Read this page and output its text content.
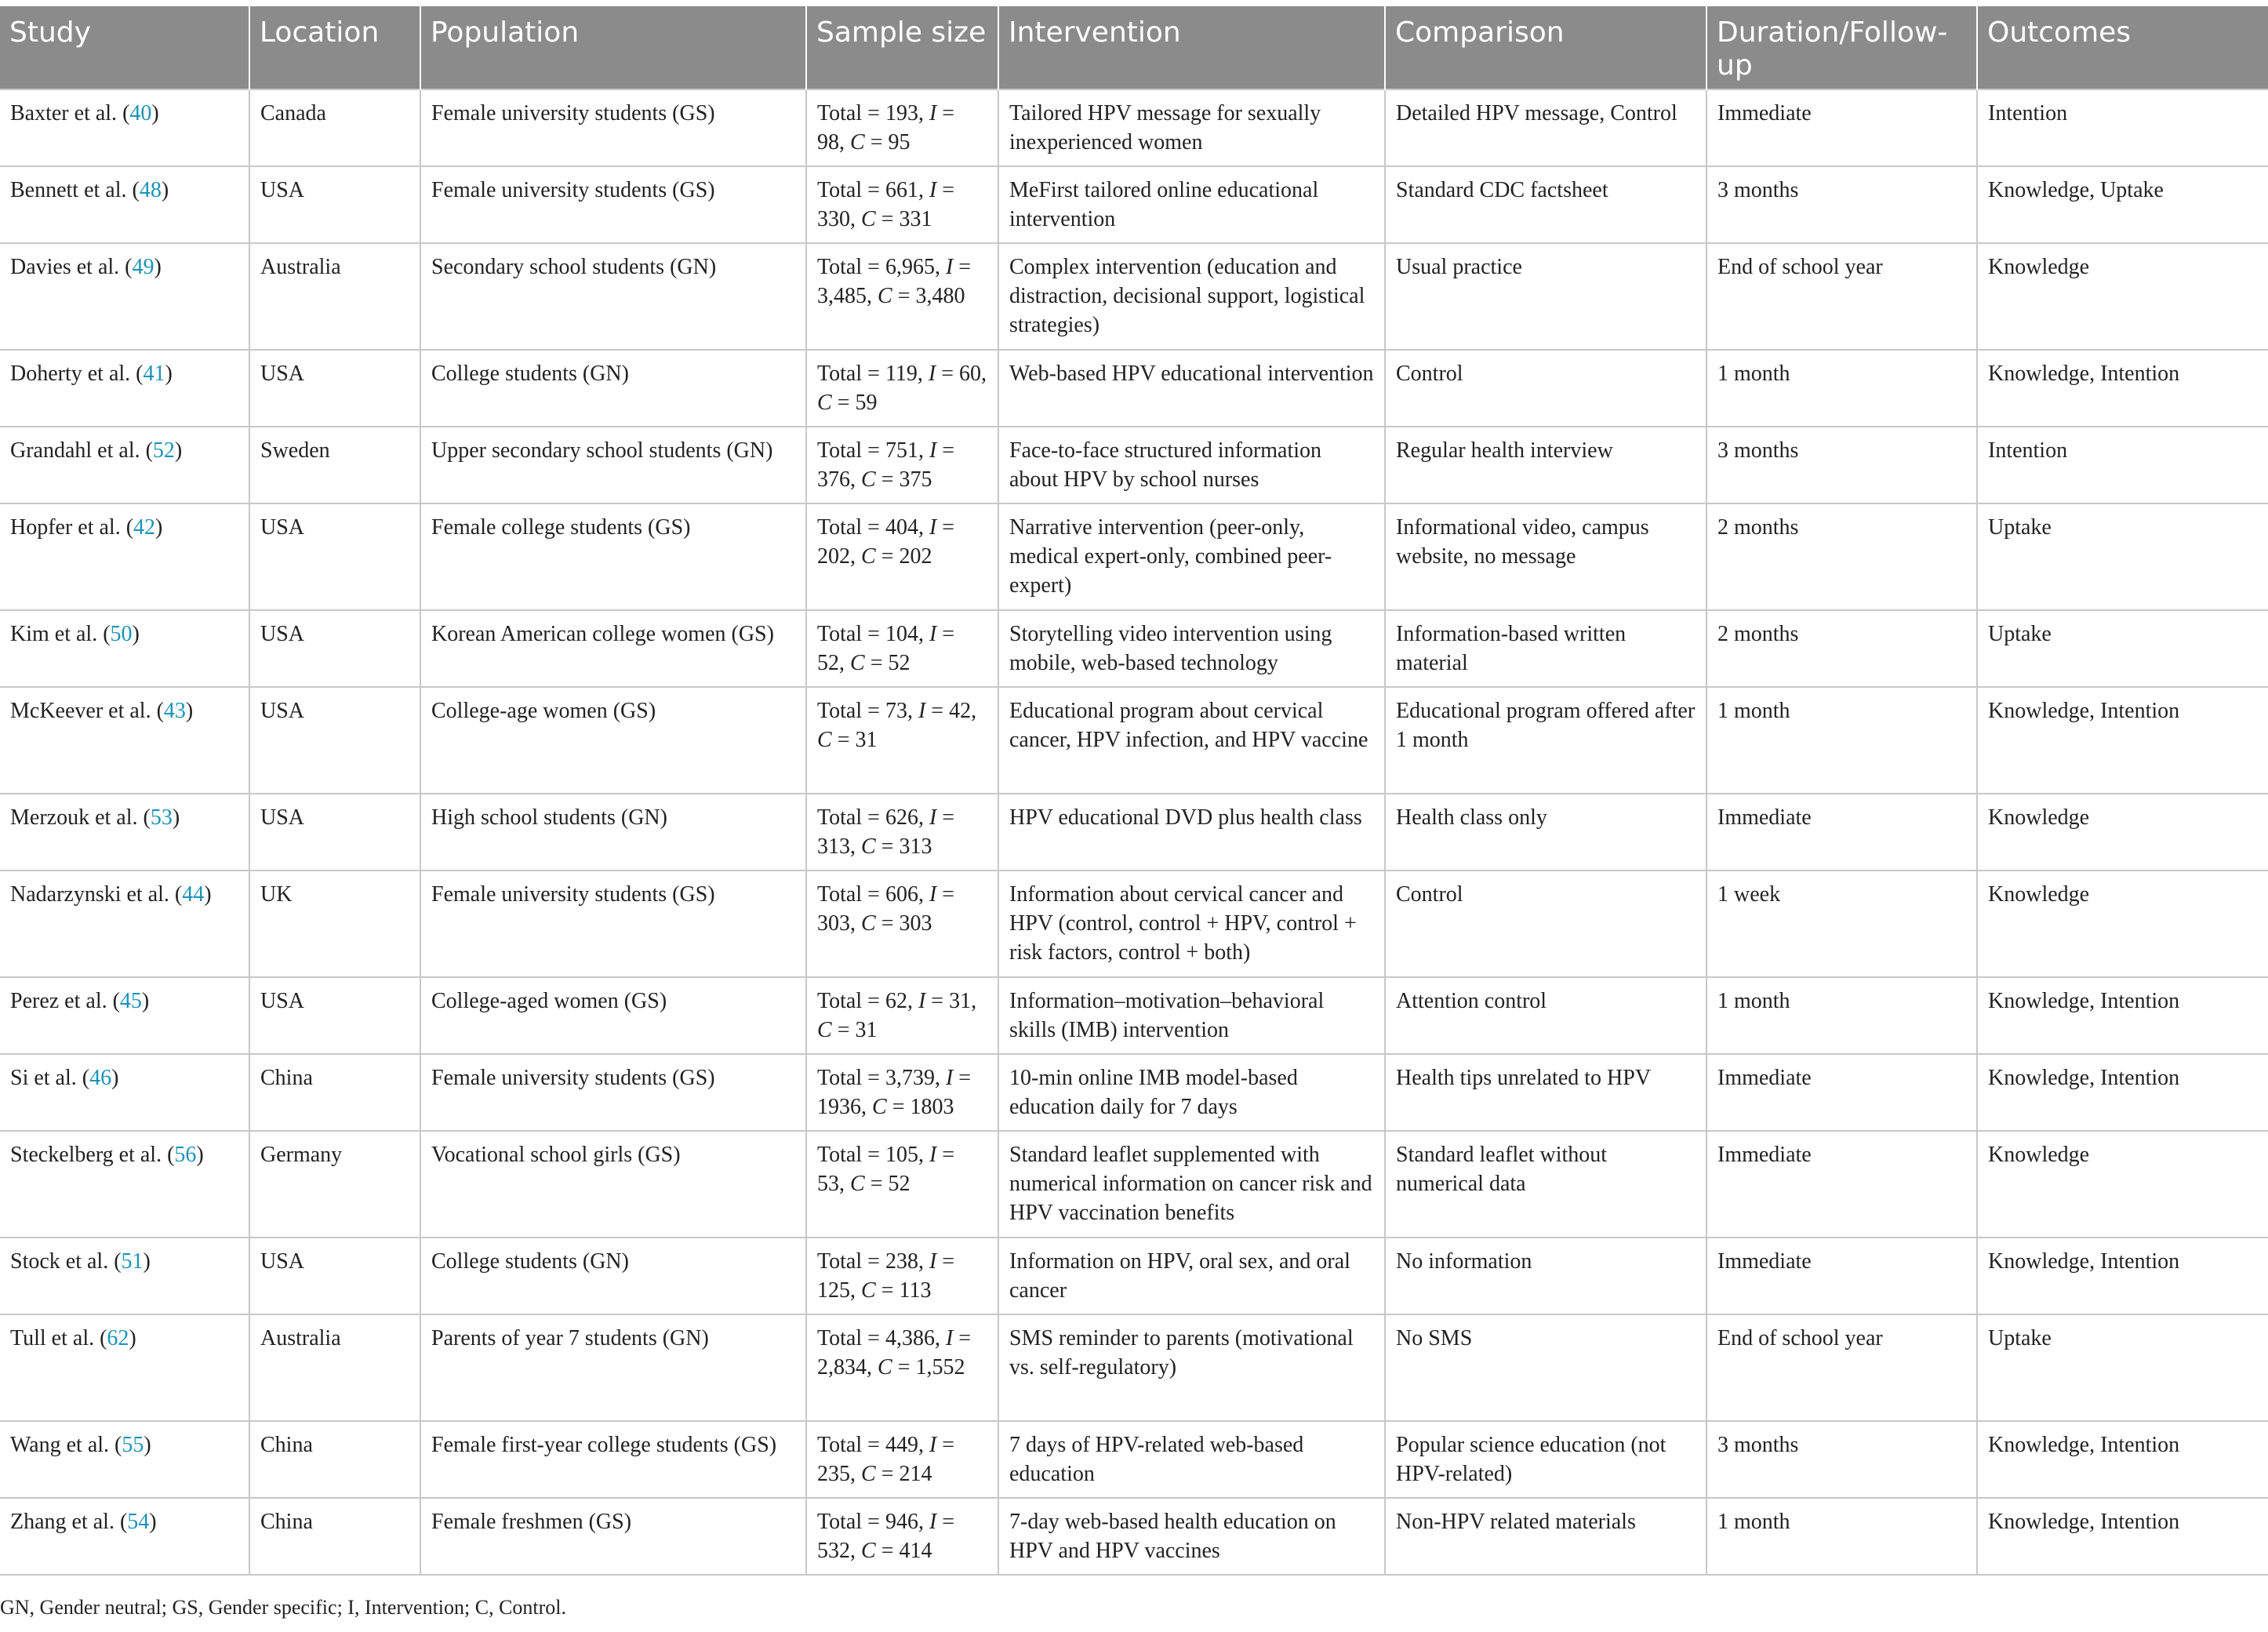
Study	Location	Population	Sample size	Intervention	Comparison	Duration/Follow-up	Outcomes
Baxter et al. (40)	Canada	Female university students (GS)	Total = 193, I = 98, C = 95	Tailored HPV message for sexually inexperienced women	Detailed HPV message, Control	Immediate	Intention
Bennett et al. (48)	USA	Female university students (GS)	Total = 661, I = 330, C = 331	MeFirst tailored online educational intervention	Standard CDC factsheet	3 months	Knowledge, Uptake
Davies et al. (49)	Australia	Secondary school students (GN)	Total = 6,965, I = 3,485, C = 3,480	Complex intervention (education and distraction, decisional support, logistical strategies)	Usual practice	End of school year	Knowledge
Doherty et al. (41)	USA	College students (GN)	Total = 119, I = 60, C = 59	Web-based HPV educational intervention	Control	1 month	Knowledge, Intention
Grandahl et al. (52)	Sweden	Upper secondary school students (GN)	Total = 751, I = 376, C = 375	Face-to-face structured information about HPV by school nurses	Regular health interview	3 months	Intention
Hopfer et al. (42)	USA	Female college students (GS)	Total = 404, I = 202, C = 202	Narrative intervention (peer-only, medical expert-only, combined peer-expert)	Informational video, campus website, no message	2 months	Uptake
Kim et al. (50)	USA	Korean American college women (GS)	Total = 104, I = 52, C = 52	Storytelling video intervention using mobile, web-based technology	Information-based written material	2 months	Uptake
McKeever et al. (43)	USA	College-age women (GS)	Total = 73, I = 42, C = 31	Educational program about cervical cancer, HPV infection, and HPV vaccine	Educational program offered after 1 month	1 month	Knowledge, Intention
Merzouk et al. (53)	USA	High school students (GN)	Total = 626, I = 313, C = 313	HPV educational DVD plus health class	Health class only	Immediate	Knowledge
Nadarzynski et al. (44)	UK	Female university students (GS)	Total = 606, I = 303, C = 303	Information about cervical cancer and HPV (control, control + HPV, control + risk factors, control + both)	Control	1 week	Knowledge
Perez et al. (45)	USA	College-aged women (GS)	Total = 62, I = 31, C = 31	Information–motivation–behavioral skills (IMB) intervention	Attention control	1 month	Knowledge, Intention
Si et al. (46)	China	Female university students (GS)	Total = 3,739, I = 1936, C = 1803	10-min online IMB model-based education daily for 7 days	Health tips unrelated to HPV	Immediate	Knowledge, Intention
Steckelberg et al. (56)	Germany	Vocational school girls (GS)	Total = 105, I = 53, C = 52	Standard leaflet supplemented with numerical information on cancer risk and HPV vaccination benefits	Standard leaflet without numerical data	Immediate	Knowledge
Stock et al. (51)	USA	College students (GN)	Total = 238, I = 125, C = 113	Information on HPV, oral sex, and oral cancer	No information	Immediate	Knowledge, Intention
Tull et al. (62)	Australia	Parents of year 7 students (GN)	Total = 4,386, I = 2,834, C = 1,552	SMS reminder to parents (motivational vs. self-regulatory)	No SMS	End of school year	Uptake
Wang et al. (55)	China	Female first-year college students (GS)	Total = 449, I = 235, C = 214	7 days of HPV-related web-based education	Popular science education (not HPV-related)	3 months	Knowledge, Intention
Zhang et al. (54)	China	Female freshmen (GS)	Total = 946, I = 532, C = 414	7-day web-based health education on HPV and HPV vaccines	Non-HPV related materials	1 month	Knowledge, Intention
GN, Gender neutral; GS, Gender specific; I, Intervention; C, Control.
